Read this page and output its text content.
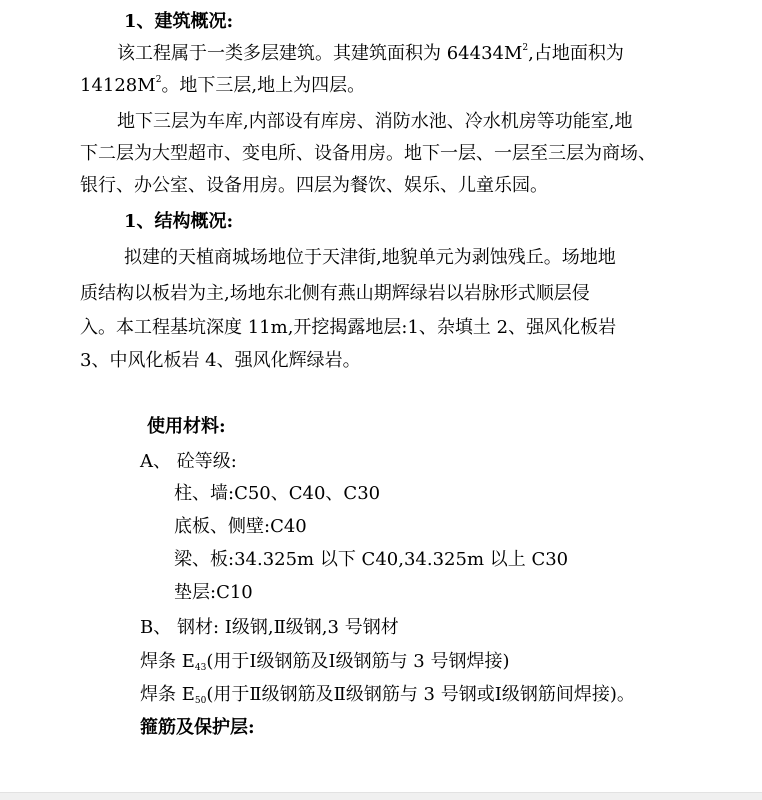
1、建筑概况:
该工程属于一类多层建筑。其建筑面积为 $64434M^2$,占地面积为
$14128M^2$。地下三层,地上为四层。
地下三层为车库,内部设有库房、消防水池、冷水机房等功能室,地
下二层为大型超市、变电所、设备用房。地下一层、一层至三层为商场、
银行、办公室、设备用房。四层为餐饮、娱乐、儿童乐园。
1、结构概况:
拟建的天植商城场地位于天津街,地貌单元为剥蚀残丘。场地地
质结构以板岩为主,场地东北侧有燕山期辉绿岩以岩脉形式顺层侵
入。本工程基坑深度 11m,开挖揭露地层:1、杂填土 2、强风化板岩
3、中风化板岩 4、强风化辉绿岩。
使用材料:
A、 砼等级:
柱、墙:C50、C40、C30
底板、侧壁:C40
梁、板:34.325m 以下 C40,34.325m 以上 C30
垫层:C10
B、 钢材: Ⅰ级钢,Ⅱ级钢,3 号钢材
焊条 $E_{43}$(用于Ⅰ级钢筋及Ⅰ级钢筋与 3 号钢焊接)
焊条 $E_{50}$(用于Ⅱ级钢筋及Ⅱ级钢筋与 3 号钢或Ⅰ级钢筋间焊接)。
箍筋及保护层:
